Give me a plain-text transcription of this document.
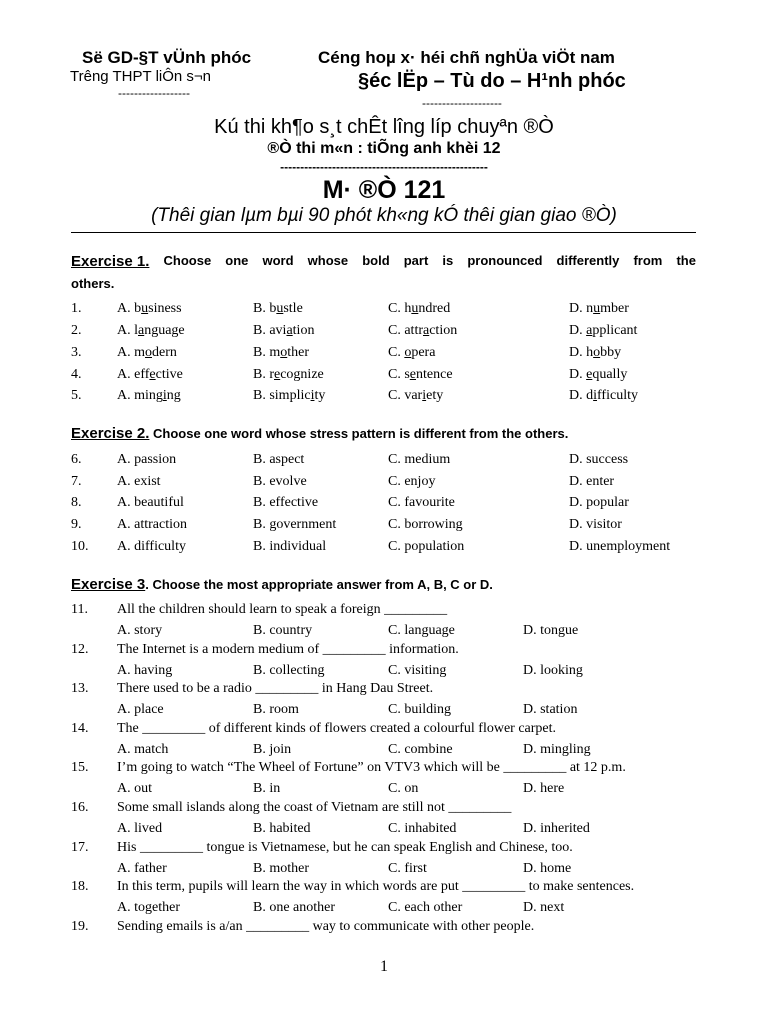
Së GD-§T vÜnh phóc
Trêng THPT liÔn s¬n
------------------
Céng hoµ x· héi chñ nghÜa viÖt nam
§éc lËp – Tù do – H¹nh phóc
--------------------
Kú thi kh¶o s¸t chÊt lîng líp chuyªn ®Ò
®Ò thi m«n : tiÕng anh khèi 12
----------------------------------------------------
M· ®Ò 121
(Thêi gian lµm bµi 90 phót kh«ng kÓ thêi gian giao ®Ò)
Exercise 1. Choose one word whose bold part is pronounced differently from the
others.
1.	A. business	B. bustle	C. hundred	D. number
2.	A. language	B. aviation	C. attraction	D. applicant
3.	A. modern	B. mother	C. opera	D. hobby
4.	A. effective	B. recognize	C. sentence	D. equally
5.	A. minging	B. simplicity	C. variety	D. difficulty
Exercise 2. Choose one word whose stress pattern is different from the others.
6.	A. passion	B. aspect	C. medium	D. success
7.	A. exist	B. evolve	C. enjoy	D. enter
8.	A. beautiful	B. effective	C. favourite	D. popular
9.	A. attraction	B. government	C. borrowing	D. visitor
10. A. difficulty	B. individual	C. population	D. unemployment
Exercise 3. Choose the most appropriate answer from A, B, C or D.
11. All the children should learn to speak a foreign _________
A. story	B. country	C. language	D. tongue
12. The Internet is a modern medium of _________ information.
A. having	B. collecting	C. visiting	D. looking
13. There used to be a radio _________ in Hang Dau Street.
A. place	B. room	C. building	D. station
14. The _________ of different kinds of flowers created a colourful flower carpet.
A. match	B. join	C. combine	D. mingling
15. I’m going to watch “The Wheel of Fortune” on VTV3 which will be _________ at 12 p.m.
A. out	B. in	C. on	D. here
16. Some small islands along the coast of Vietnam are still not _________
A. lived	B. habited	C. inhabited	D. inherited
17. His _________ tongue is Vietnamese, but he can speak English and Chinese, too.
A. father	B. mother	C. first	D. home
18. In this term, pupils will learn the way in which words are put _________ to make sentences.
A. together	B. one another	C. each other	D. next
19. Sending emails is a/an _________ way to communicate with other people.
1
